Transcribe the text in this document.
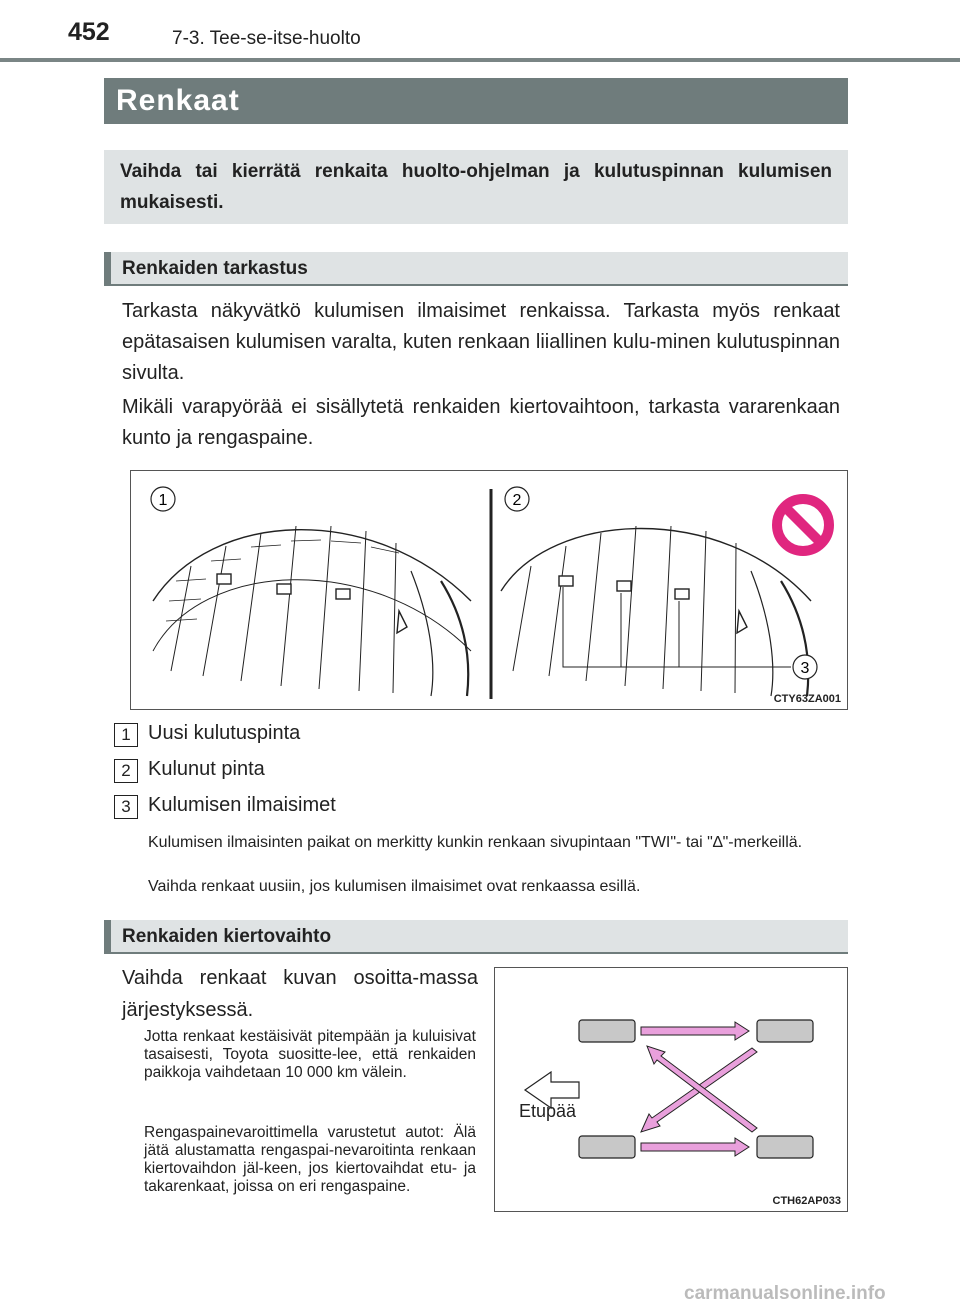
452	7-3. Tee-se-itse-huolto
Renkaat
Vaihda tai kierrätä renkaita huolto-ohjelman ja kulutuspinnan kulumisen mukaisesti.
Renkaiden tarkastus
Tarkasta näkyvätkö kulumisen ilmaisimet renkaissa. Tarkasta myös renkaat epätasaisen kulumisen varalta, kuten renkaan liiallinen kulu-minen kulutuspinnan sivulta.
Mikäli varapyörää ei sisällytetä renkaiden kiertovaihtoon, tarkasta vararenkaan kunto ja rengaspaine.
1	2
3
CTY63ZA001
1 Uusi kulutuspinta
2 Kulunut pinta
3 Kulumisen ilmaisimet
Kulumisen ilmaisinten paikat on merkitty kunkin renkaan sivupintaan "TWI"- tai "∆"-merkeillä.
Vaihda renkaat uusiin, jos kulumisen ilmaisimet ovat renkaassa esillä.
Renkaiden kiertovaihto
Vaihda renkaat kuvan osoitta-massa järjestyksessä.
Jotta renkaat kestäisivät pitempään ja kuluisivat tasaisesti, Toyota suositte-lee, että renkaiden paikkoja vaihdetaan 10 000 km välein.
Rengaspainevaroittimella varustetut autot: Älä jätä alustamatta rengaspai-nevaroitinta renkaan kiertovaihdon jäl-keen, jos kiertovaihdat etu- ja takarenkaat, joissa on eri rengaspaine.
Etupää
CTH62AP033
carmanualsonline.info
